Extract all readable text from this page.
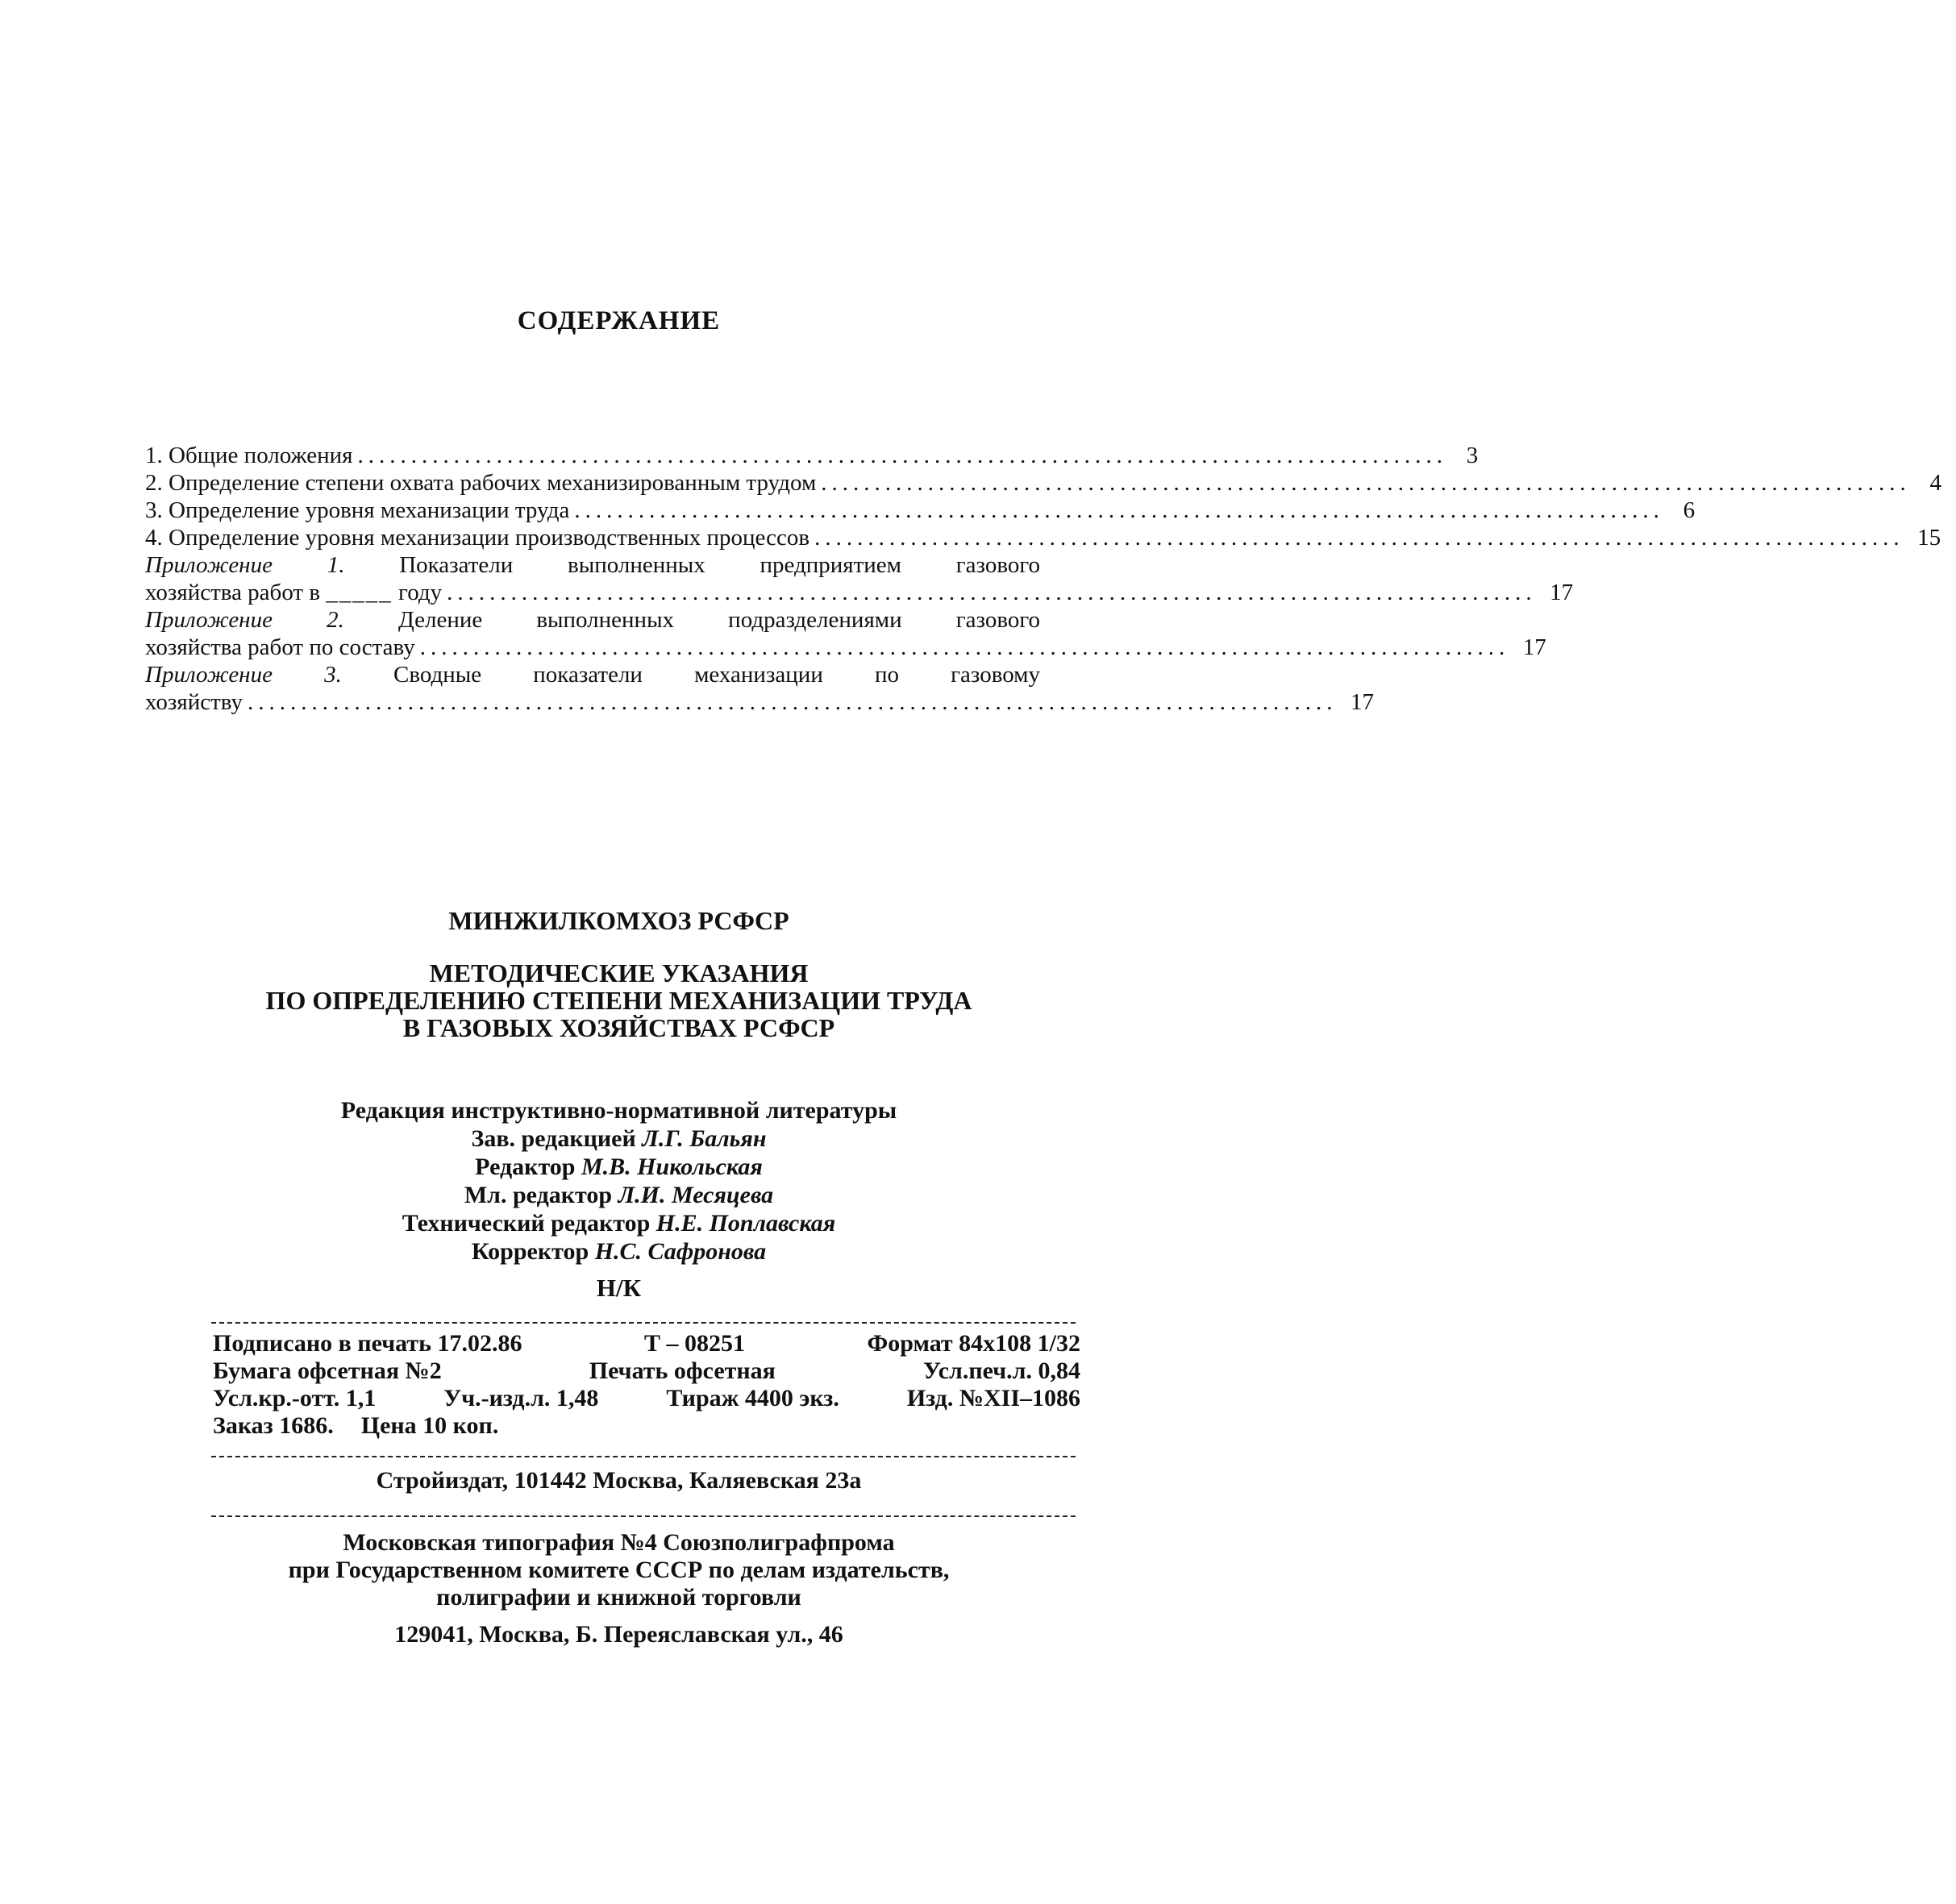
СОДЕРЖАНИЕ
1. Общие положения ...................................................................................................... 3
2. Определение степени охвата рабочих механизированным трудом ...................................................................................................... 4
3. Определение уровня механизации труда ...................................................................................................... 6
4. Определение уровня механизации производственных процессов ...................................................................................................... 15
Приложение 1. Показатели выполненных предприятием газового
хозяйства работ в _____ году ...................................................................................................... 17
Приложение 2. Деление выполненных подразделениями газового
хозяйства работ по составу ...................................................................................................... 17
Приложение 3. Сводные показатели механизации по газовому
хозяйству ...................................................................................................... 17
МИНЖИЛКОМХОЗ РСФСР
МЕТОДИЧЕСКИЕ УКАЗАНИЯ
ПО ОПРЕДЕЛЕНИЮ СТЕПЕНИ МЕХАНИЗАЦИИ ТРУДА
В ГАЗОВЫХ ХОЗЯЙСТВАХ РСФСР
Редакция инструктивно-нормативной литературы
Зав. редакцией Л.Г. Бальян
Редактор М.В. Никольская
Мл. редактор Л.И. Месяцева
Технический редактор Н.Е. Поплавская
Корректор Н.С. Сафронова
Н/К
Подписано в печать 17.02.86	Т – 08251	Формат 84х108 1/32
Бумага офсетная №2	Печать офсетная	Усл.печ.л. 0,84
Усл.кр.-отт. 1,1	Уч.-изд.л. 1,48	Тираж 4400 экз.	Изд. №XII–1086
Заказ 1686. Цена 10 коп.
Стройиздат, 101442 Москва, Каляевская 23а
Московская типография №4 Союзполиграфпрома
при Государственном комитете СССР по делам издательств,
полиграфии и книжной торговли
129041, Москва, Б. Переяславская ул., 46
